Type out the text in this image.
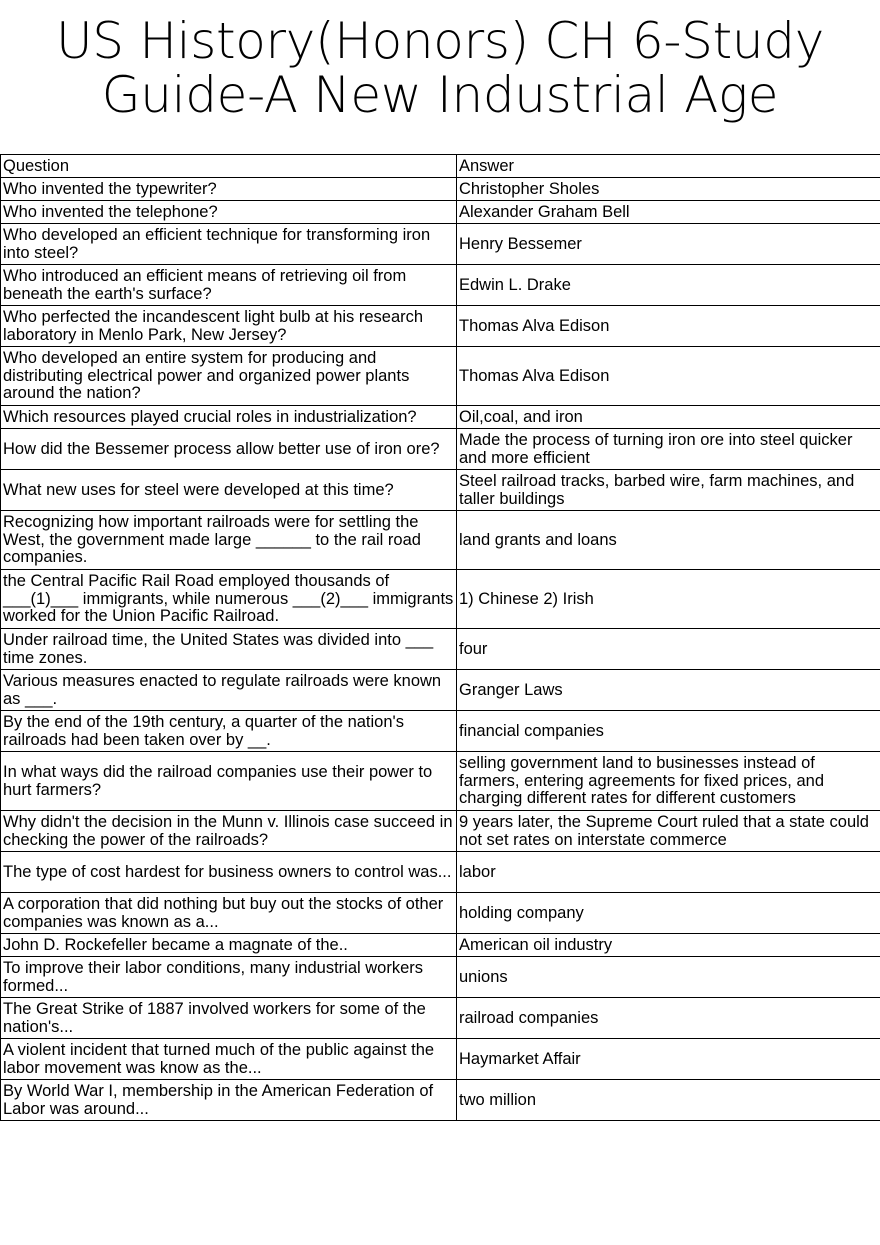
US History(Honors) CH 6-Study Guide-A New Industrial Age
Question	Answer
Who invented the typewriter?	Christopher Sholes
Who invented the telephone?	Alexander Graham Bell
Who developed an efficient technique for transforming iron into steel?	Henry Bessemer
Who introduced an efficient means of retrieving oil from beneath the earth's surface?	Edwin L. Drake
Who perfected the incandescent light bulb at his research laboratory in Menlo Park, New Jersey?	Thomas Alva Edison
Who developed an entire system for producing and distributing electrical power and organized power plants around the nation?	Thomas Alva Edison
Which resources played crucial roles in industrialization?	Oil,coal, and iron
How did the Bessemer process allow better use of iron ore?	Made the process of turning iron ore into steel quicker and more efficient
What new uses for steel were developed at this time?	Steel railroad tracks, barbed wire, farm machines, and taller buildings
Recognizing how important railroads were for settling the West, the government made large ______ to the rail road companies.	land grants and loans
the Central Pacific Rail Road employed thousands of ___(1)___ immigrants, while numerous ___(2)___ immigrants worked for the Union Pacific Railroad.	1) Chinese 2) Irish
Under railroad time, the United States was divided into ___ time zones.	four
Various measures enacted to regulate railroads were known as ___.	Granger Laws
By the end of the 19th century, a quarter of the nation's railroads had been taken over by __.	financial companies
In what ways did the railroad companies use their power to hurt farmers?	selling government land to businesses instead of farmers, entering agreements for fixed prices, and charging different rates for different customers
Why didn't the decision in the Munn v. Illinois case succeed in checking the power of the railroads?	9 years later, the Supreme Court ruled that a state could not set rates on interstate commerce
The type of cost hardest for business owners to control was...	labor
A corporation that did nothing but buy out the stocks of other companies was known as a...	holding company
John D. Rockefeller became a magnate of the..	American oil industry
To improve their labor conditions, many industrial workers formed...	unions
The Great Strike of 1887 involved workers for some of the nation's...	railroad companies
A violent incident that turned much of the public against the labor movement was know as the...	Haymarket Affair
By World War I, membership in the American Federation of Labor was around...	two million
